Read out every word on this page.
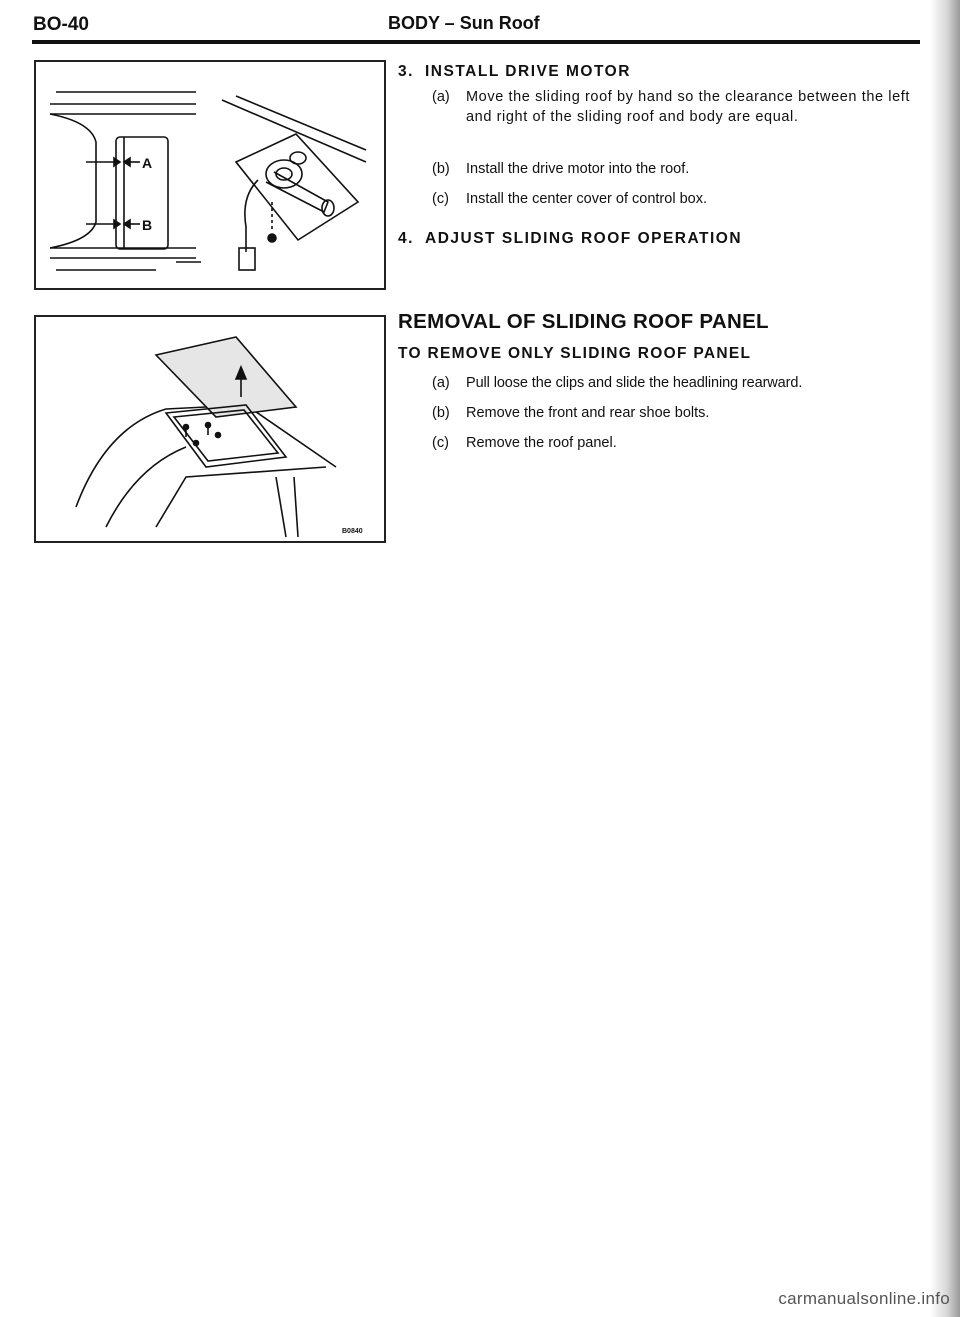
BO-40	BODY – Sun Roof
A
B
B0840
3. INSTALL DRIVE MOTOR
(a) Move the sliding roof by hand so the clearance between the left and right of the sliding roof and body are equal.
(b) Install the drive motor into the roof.
(c) Install the center cover of control box.
4. ADJUST SLIDING ROOF OPERATION
REMOVAL OF SLIDING ROOF PANEL
TO REMOVE ONLY SLIDING ROOF PANEL
(a) Pull loose the clips and slide the headlining rearward.
(b) Remove the front and rear shoe bolts.
(c) Remove the roof panel.
carmanualsonline.info
